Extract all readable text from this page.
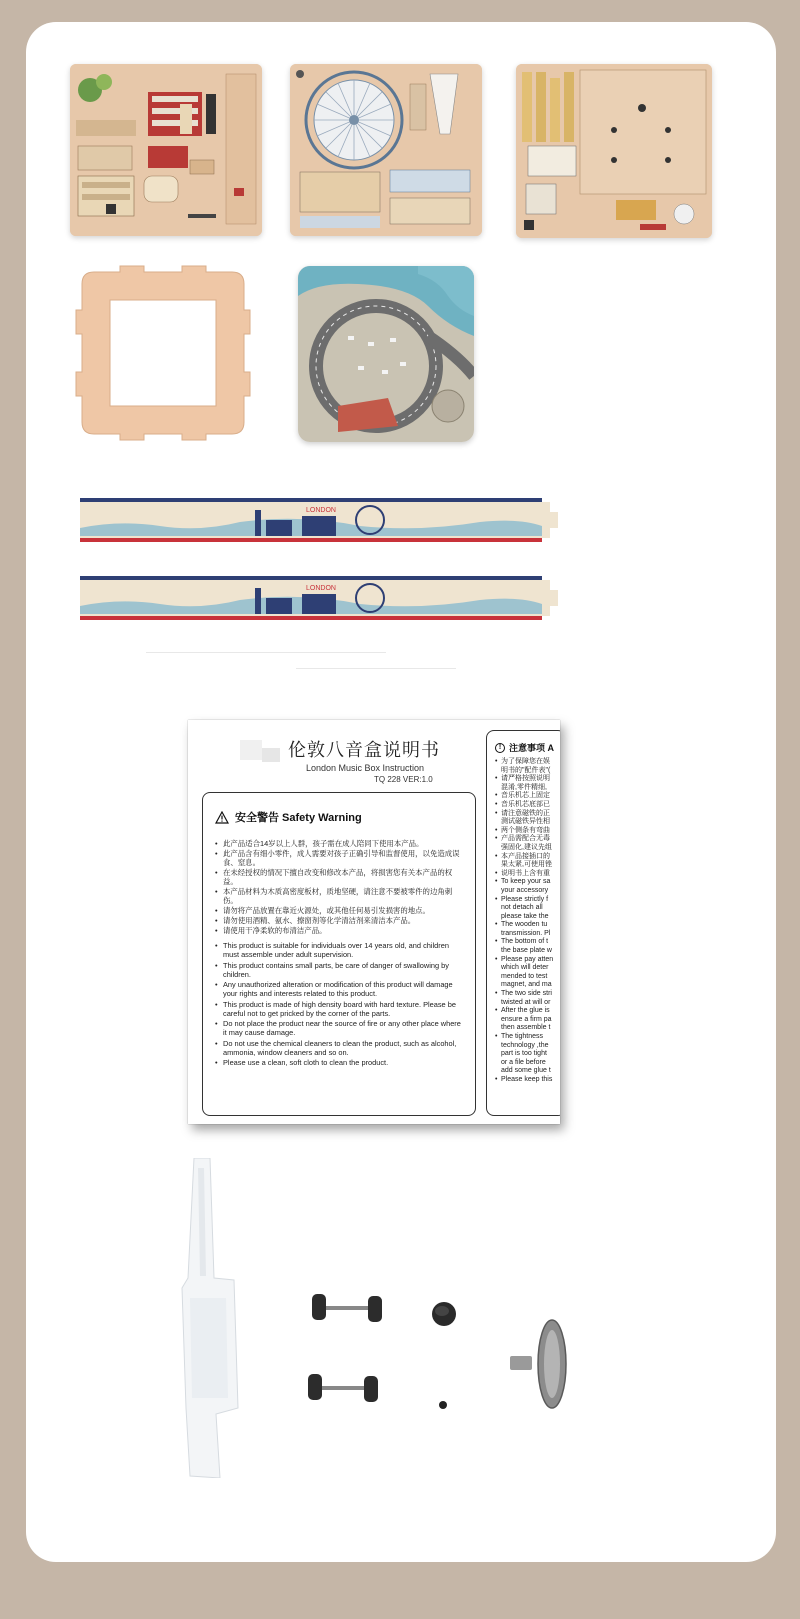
LONDON
LONDON
伦敦八音盒说明书
London Music Box Instruction
TQ 228 VER:1.0
安全警告 Safety Warning
• 此产品适合14岁以上人群，孩子需在成人陪同下使用本产品。
• 此产品含有细小零件，成人需要对孩子正确引导和监督使用，以免造成误食、窒息。
• 在未经授权的情况下擅自改变和修改本产品，将损害您有关本产品的权益。
• 本产品材料为木质高密度板材，质地坚硬，请注意不要被零件的边角刺伤。
• 请勿将产品放置在靠近火源处，或其他任何易引发损害的地点。
• 请勿使用酒精、氨水、擦窗剂等化学清洁剂来清洁本产品。
• 请使用干净柔软的布清洁产品。
• This product is suitable for individuals over 14 years old, and children must assemble under adult supervision.
• This product contains small parts, be care of danger of swallowing by children.
• Any unauthorized alteration or modification of this product will damage your rights and interests related to this product.
• This product is made of high density board with hard texture. Please be careful not to get pricked by the corner of the parts.
• Do not place the product near the source of fire or any other place where it may cause damage.
• Do not use the chemical cleaners to clean the product, such as alcohol, ammonia, window cleaners and so on.
• Please use a clean, soft cloth to clean the product.
! 注意事项 A
• 为了保障您在娱
明书的"配件表"(
• 请严格按照说明
混淆,零件精细,
• 音乐机芯上固定
• 音乐机芯底部已
• 请注意磁铁的正
测试磁铁异性相
• 两个侧条有弯曲
• 产品需配合无毒
强固化,建议先组
• 本产品接插口的
果太紧,可使用锉
• 说明书上含有重
• To keep your sa
your accessory
• Please strictly f
not detach all
please take the
• The wooden tu
transmission. Pl
• The bottom of t
the base plate w
• Please pay atten
which will deter
mended to test
magnet, and ma
• The two side stri
twisted at will or
• After the glue is
ensure a firm pa
then assemble t
• The tightness
technology ,the
part is too tight
or a file before
add some glue t
• Please keep this
